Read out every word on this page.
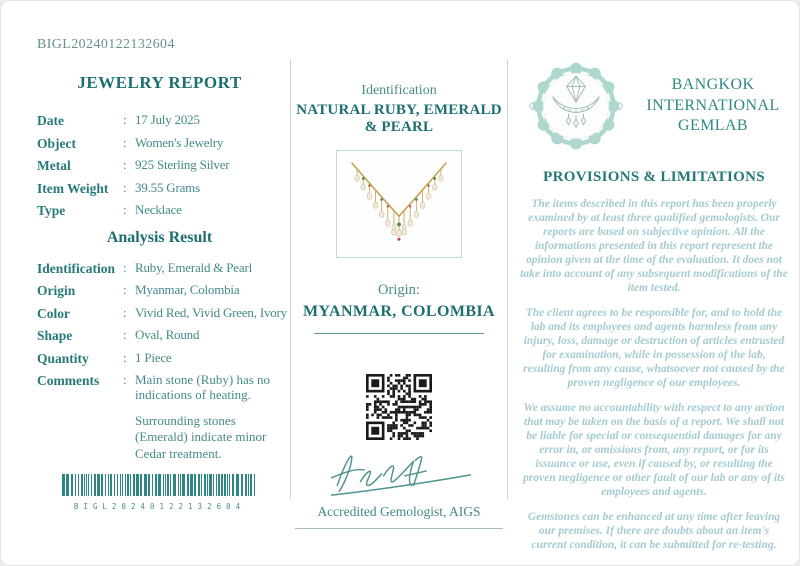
BIGL20240122132604
JEWELRY REPORT
Date :	17 July 2025
Object :	Women's Jewelry
Metal :	925 Sterling Silver
Item Weight :	39.55 Grams
Type :	Necklace
Analysis Result
Identification :	Ruby, Emerald & Pearl
Origin :	Myanmar, Colombia
Color :	Vivid Red, Vivid Green, Ivory
Shape :	Oval, Round
Quantity :	1 Piece
Comments :	Main stone (Ruby) has no indications of heating.

Surrounding stones (Emerald) indicate minor Cedar treatment.

BIGL20240122132604
Identification
NATURAL RUBY, EMERALD & PEARL
Origin:
MYANMAR, COLOMBIA
Accredited Gemologist, AIGS
BANGKOK INTERNATIONAL GEMLAB
PROVISIONS & LIMITATIONS

The items described in this report has been properly examined by at least three qualified gemologists. Our reports are based on subjective opinion. All the informations presented in this report represent the opinion given at the time of the evaluation. It does not take into account of any subsequent modifications of the item tested.

The client agrees to be responsible for, and to hold the lab and its employees and agents harmless from any injury, loss, damage or destruction of articles entrusted for examination, while in possession of the lab, resulting from any cause, whatsoever not caused by the proven negligence of our employees.

We assume no accountability with respect to any action that may be taken on the basis of a report. We shall not be liable for special or consequential damages for any error in, or omissions from, any report, or for its issuance or use, even if caused by, or resulting the proven negligence or other fault of our lab or any of its employees and agents.

Gemstones can be enhanced at any time after leaving our premises. If there are doubts about an item's current condition, it can be submitted for re-testing.
